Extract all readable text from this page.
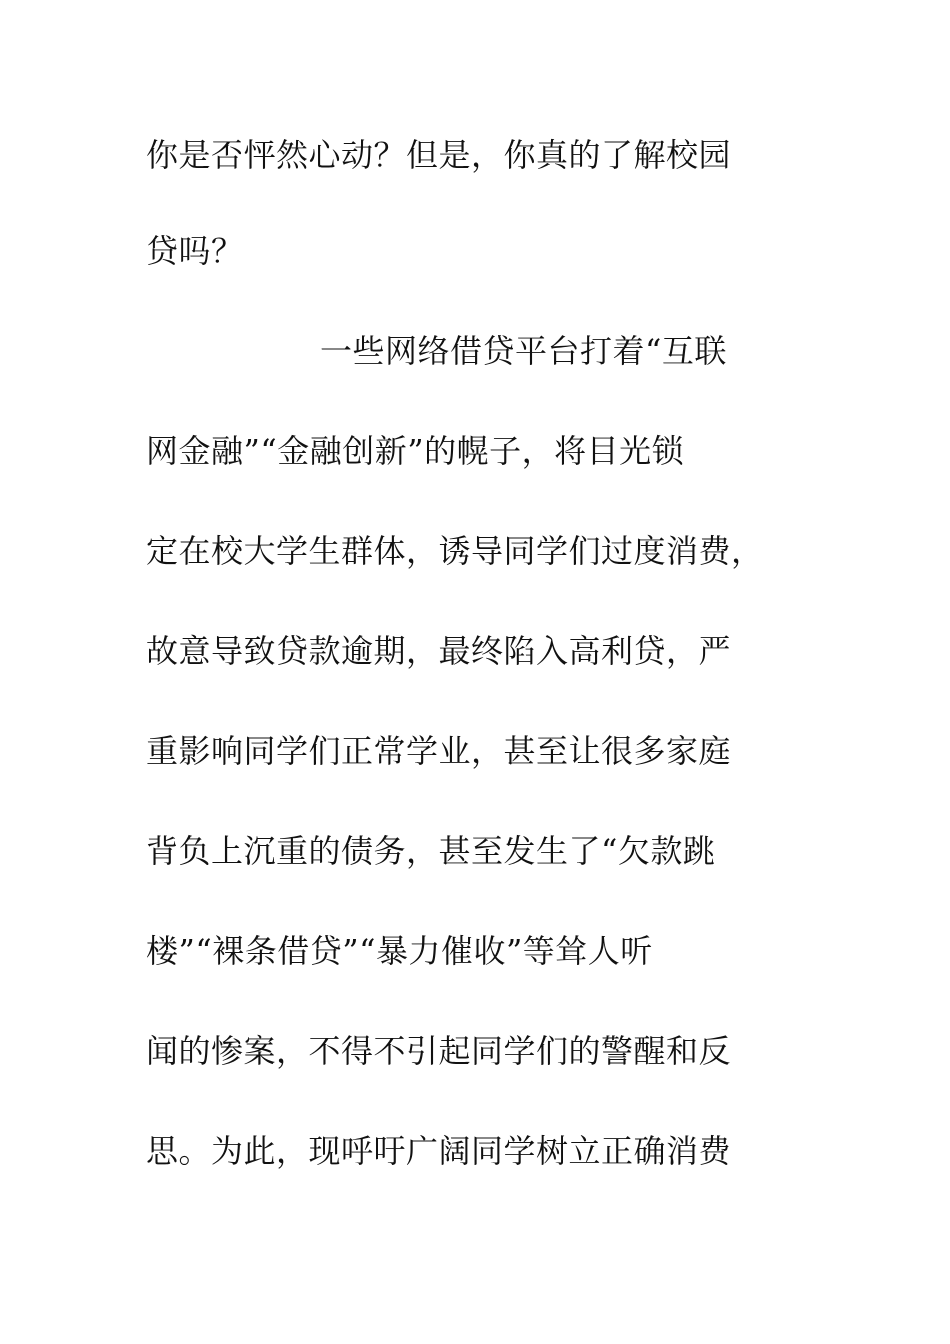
你是否怦然心动？但是，你真的了解校园
贷吗？
一些网络借贷平台打着“互联
网金融”“金融创新”的幌子，将目光锁
定在校大学生群体，诱导同学们过度消费，
故意导致贷款逾期，最终陷入高利贷，严
重影响同学们正常学业，甚至让很多家庭
背负上沉重的债务，甚至发生了“欠款跳
楼”“裸条借贷”“暴力催收”等耸人听
闻的惨案，不得不引起同学们的警醒和反
思。为此，现呼吁广阔同学树立正确消费
